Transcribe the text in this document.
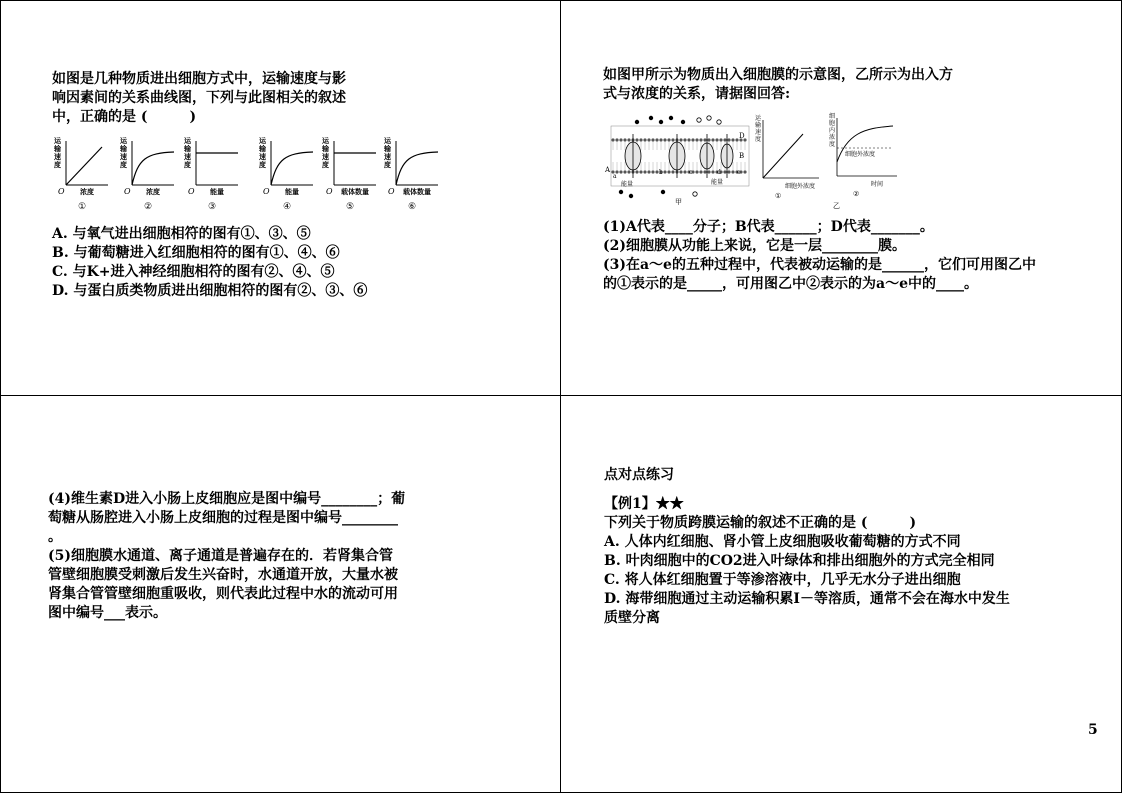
如图是几种物质进出细胞方式中，运输速度与影

响因素间的关系曲线图，下列与此图相关的叙述

中，正确的是 (　　　)

运输速度
O 浓度
①
运输速度
O 浓度
②
运输速度
O 能量
③
运输速度
O 能量
④
运输速度
O 载体数量
⑤
运输速度
O 载体数量
⑥

A. 与氧气进出细胞相符的图有①、③、⑤

B. 与葡萄糖进入红细胞相符的图有①、④、⑥

C. 与K+进入神经细胞相符的图有②、④、⑤

D. 与蛋白质类物质进出细胞相符的图有②、③、⑥

如图甲所示为物质出入细胞膜的示意图，乙所示为出入方

式与浓度的关系，请据图回答:

D
B
A
a
b	c	d	e
能量	能量
甲
运输速度
细胞外浓度
①
细胞内浓度
细胞外浓度
时间
②
乙

(1)A代表____分子；B代表______；D代表_______。

(2)细胞膜从功能上来说，它是一层________膜。

(3)在a～e的五种过程中，代表被动运输的是______，它们可用图乙中

的①表示的是_____，可用图乙中②表示的为a～e中的____。

(4)维生素D进入小肠上皮细胞应是图中编号________；葡

萄糖从肠腔进入小肠上皮细胞的过程是图中编号________

。

(5)细胞膜水通道、离子通道是普遍存在的．若肾集合管

管壁细胞膜受刺激后发生兴奋时，水通道开放，大量水被

肾集合管管壁细胞重吸收，则代表此过程中水的流动可用

图中编号___表示。

点对点练习

【例1】★★

下列关于物质跨膜运输的叙述不正确的是 (　　　)

A. 人体内红细胞、肾小管上皮细胞吸收葡萄糖的方式不同

B. 叶肉细胞中的CO2进入叶绿体和排出细胞外的方式完全相同

C. 将人体红细胞置于等渗溶液中，几乎无水分子进出细胞

D. 海带细胞通过主动运输积累I－等溶质，通常不会在海水中发生

质壁分离

5
